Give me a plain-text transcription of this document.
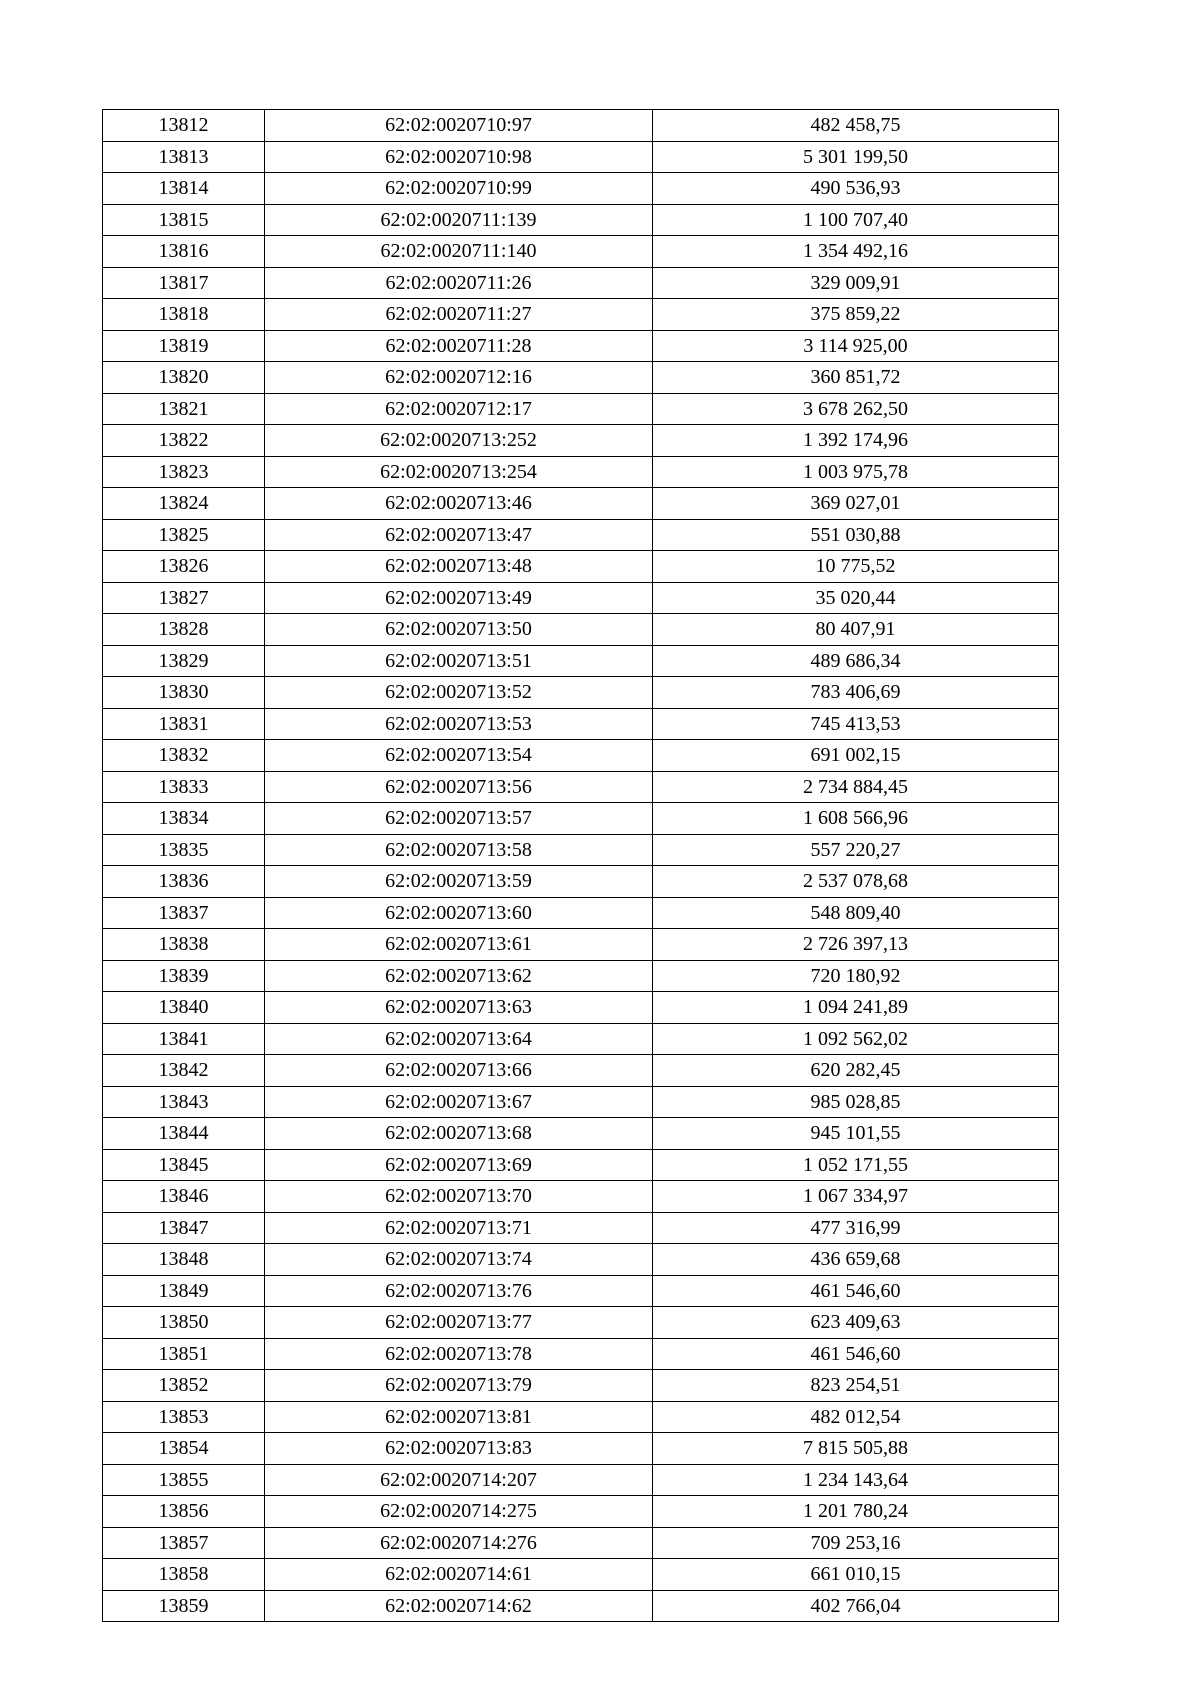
13812	62:02:0020710:97	482 458,75
13813	62:02:0020710:98	5 301 199,50
13814	62:02:0020710:99	490 536,93
13815	62:02:0020711:139	1 100 707,40
13816	62:02:0020711:140	1 354 492,16
13817	62:02:0020711:26	329 009,91
13818	62:02:0020711:27	375 859,22
13819	62:02:0020711:28	3 114 925,00
13820	62:02:0020712:16	360 851,72
13821	62:02:0020712:17	3 678 262,50
13822	62:02:0020713:252	1 392 174,96
13823	62:02:0020713:254	1 003 975,78
13824	62:02:0020713:46	369 027,01
13825	62:02:0020713:47	551 030,88
13826	62:02:0020713:48	10 775,52
13827	62:02:0020713:49	35 020,44
13828	62:02:0020713:50	80 407,91
13829	62:02:0020713:51	489 686,34
13830	62:02:0020713:52	783 406,69
13831	62:02:0020713:53	745 413,53
13832	62:02:0020713:54	691 002,15
13833	62:02:0020713:56	2 734 884,45
13834	62:02:0020713:57	1 608 566,96
13835	62:02:0020713:58	557 220,27
13836	62:02:0020713:59	2 537 078,68
13837	62:02:0020713:60	548 809,40
13838	62:02:0020713:61	2 726 397,13
13839	62:02:0020713:62	720 180,92
13840	62:02:0020713:63	1 094 241,89
13841	62:02:0020713:64	1 092 562,02
13842	62:02:0020713:66	620 282,45
13843	62:02:0020713:67	985 028,85
13844	62:02:0020713:68	945 101,55
13845	62:02:0020713:69	1 052 171,55
13846	62:02:0020713:70	1 067 334,97
13847	62:02:0020713:71	477 316,99
13848	62:02:0020713:74	436 659,68
13849	62:02:0020713:76	461 546,60
13850	62:02:0020713:77	623 409,63
13851	62:02:0020713:78	461 546,60
13852	62:02:0020713:79	823 254,51
13853	62:02:0020713:81	482 012,54
13854	62:02:0020713:83	7 815 505,88
13855	62:02:0020714:207	1 234 143,64
13856	62:02:0020714:275	1 201 780,24
13857	62:02:0020714:276	709 253,16
13858	62:02:0020714:61	661 010,15
13859	62:02:0020714:62	402 766,04
